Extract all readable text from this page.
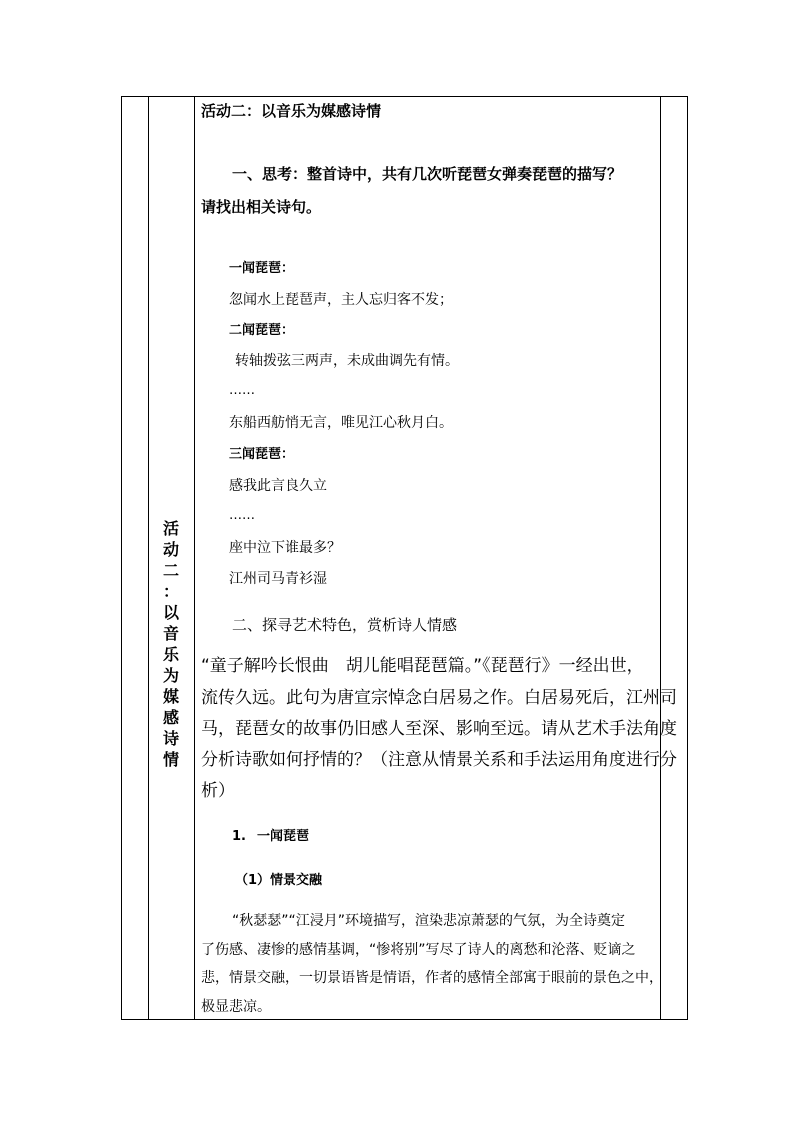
活
动
二
：
以
音
乐
为
媒
感
诗
情
活动二：以音乐为媒感诗情
一、思考：整首诗中，共有几次听琵琶女弹奏琵琶的描写？
请找出相关诗句。
一闻琵琶：
忽闻水上琵琶声，主人忘归客不发；
二闻琵琶：
转轴拨弦三两声，未成曲调先有情。
……
东船西舫悄无言，唯见江心秋月白。
三闻琵琶：
感我此言良久立
……
座中泣下谁最多？
江州司马青衫湿
二、探寻艺术特色，赏析诗人情感
“童子解吟长恨曲　胡儿能唱琵琶篇。”《琵琶行》一经出世，
流传久远。此句为唐宣宗悼念白居易之作。白居易死后，江州司
马，琵琶女的故事仍旧感人至深、影响至远。请从艺术手法角度
分析诗歌如何抒情的？（注意从情景关系和手法运用角度进行分
析）
1. 一闻琵琶
（1）情景交融
“秋瑟瑟”“江浸月”环境描写，渲染悲凉萧瑟的气氛，为全诗奠定
了伤感、凄惨的感情基调，“惨将别”写尽了诗人的离愁和沦落、贬谪之
悲，情景交融，一切景语皆是情语，作者的感情全部寓于眼前的景色之中，
极显悲凉。
